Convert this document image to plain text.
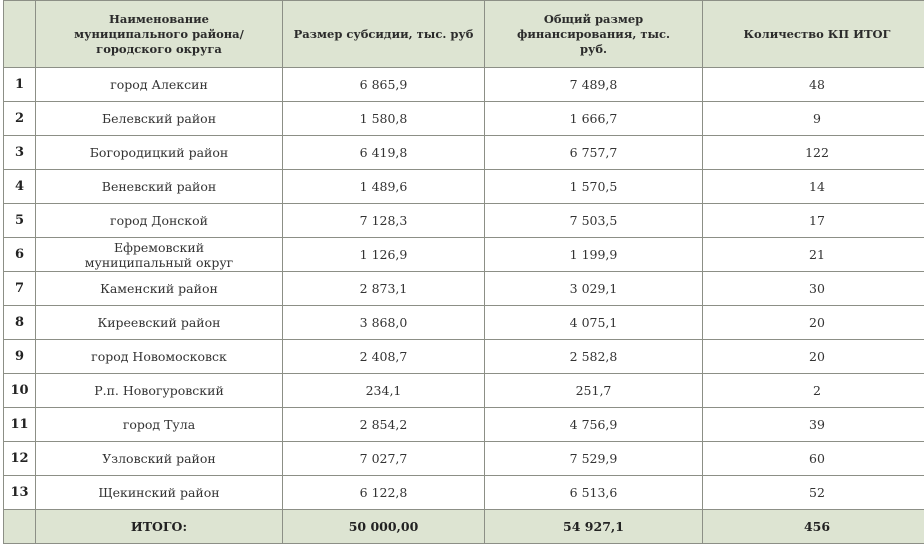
	Наименование муниципального района/городского округа	Размер субсидии, тыс. руб	Общий размер финансирования, тыс. руб.	Количество КП ИТОГ
1	город Алексин	6 865,9	7 489,8	48
2	Белевский район	1 580,8	1 666,7	9
3	Богородицкий район	6 419,8	6 757,7	122
4	Веневский район	1 489,6	1 570,5	14
5	город Донской	7 128,3	7 503,5	17
6	Ефремовский муниципальный округ	1 126,9	1 199,9	21
7	Каменский район	2 873,1	3 029,1	30
8	Киреевский район	3 868,0	4 075,1	20
9	город Новомосковск	2 408,7	2 582,8	20
10	Р.п. Новогуровский	234,1	251,7	2
11	город Тула	2 854,2	4 756,9	39
12	Узловский район	7 027,7	7 529,9	60
13	Щекинский район	6 122,8	6 513,6	52
	ИТОГО:	50 000,00	54 927,1	456
